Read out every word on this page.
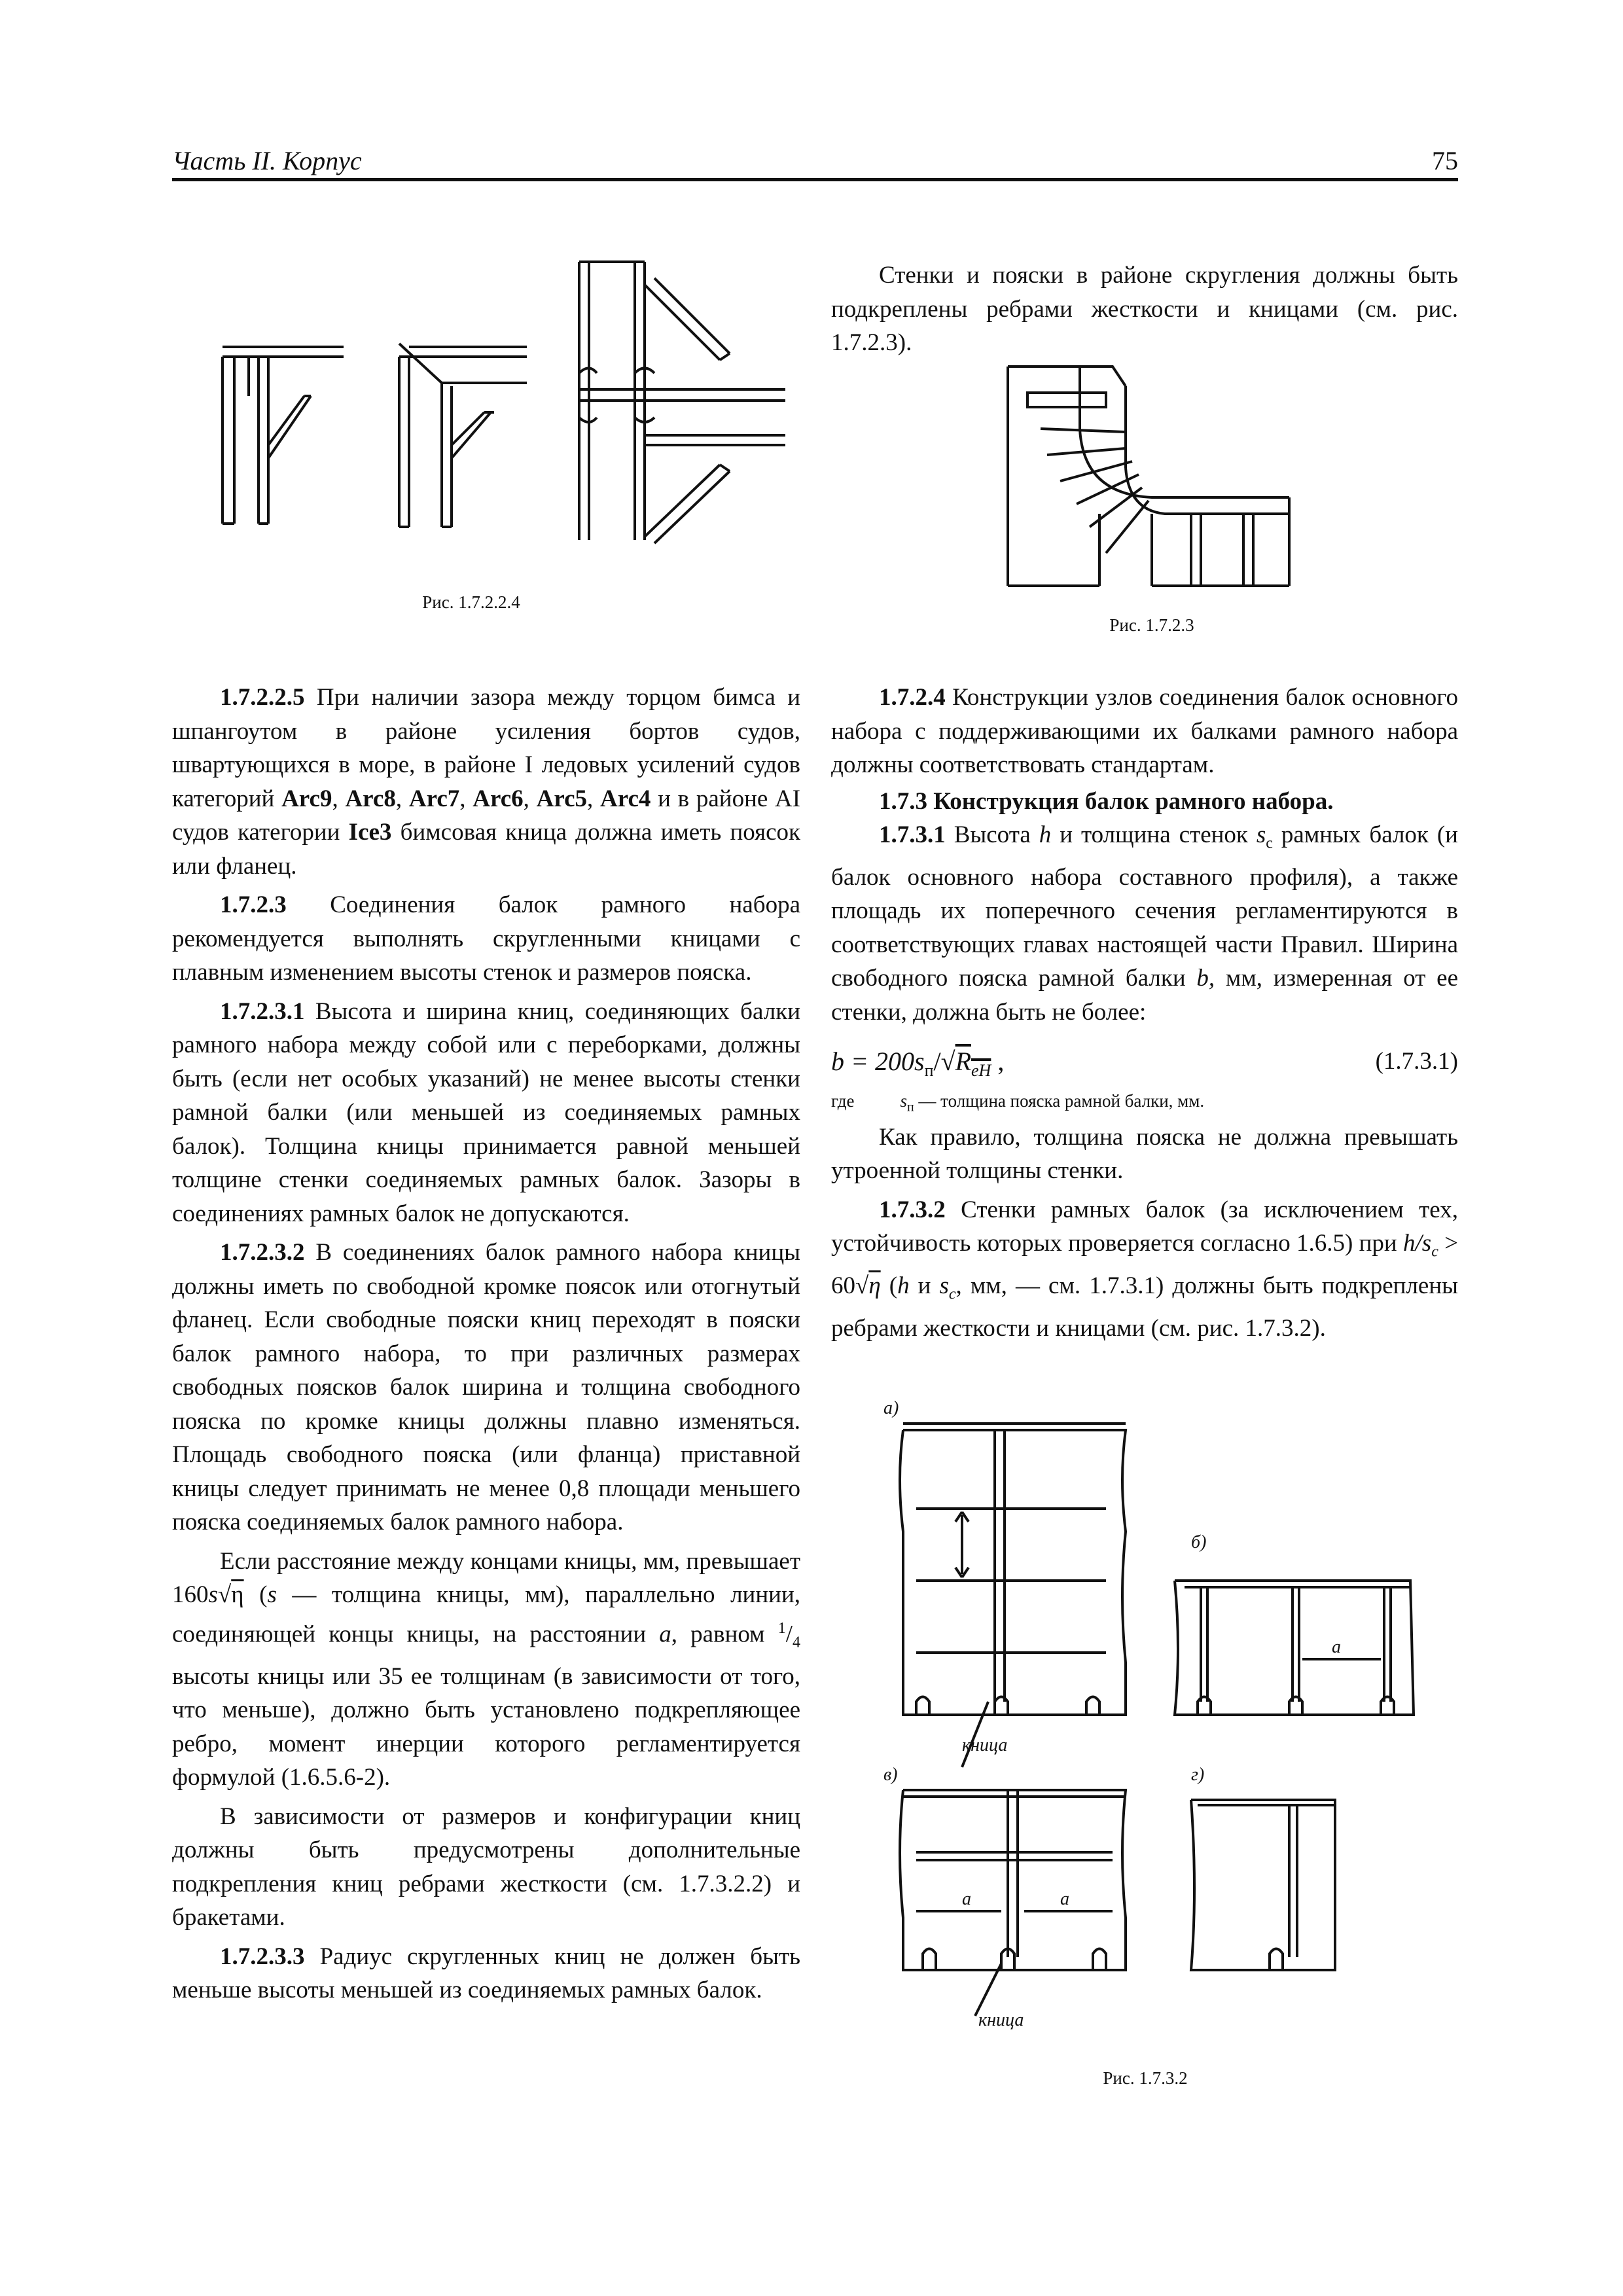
Часть II. Корпус	75
Рис. 1.7.2.2.4
Рис. 1.7.2.3

1.7.2.2.5 При наличии зазора между торцом бимса и шпангоутом в районе усиления бортов судов, швартующихся в море, в районе I ледовых усилений судов категорий Arc9, Arc8, Arc7, Arc6, Arc5, Arc4 и в районе AI судов категории Ice3 бимсовая кница должна иметь поясок или фланец.

1.7.2.3 Соединения балок рамного набора рекомендуется выполнять скругленными кницами с плавным изменением высоты стенок и размеров пояска.

1.7.2.3.1 Высота и ширина книц, соединяющих балки рамного набора между собой или с переборками, должны быть (если нет особых указаний) не менее высоты стенки рамной балки (или меньшей из соединяемых рамных балок). Толщина кницы принимается равной меньшей толщине стенки соединяемых рамных балок. Зазоры в соединениях рамных балок не допускаются.

1.7.2.3.2 В соединениях балок рамного набора кницы должны иметь по свободной кромке поясок или отогнутый фланец. Если свободные пояски книц переходят в пояски балок рамного набора, то при различных размерах свободных поясков балок ширина и толщина свободного пояска по кромке кницы должны плавно изменяться. Площадь свободного пояска (или фланца) приставной кницы следует принимать не менее 0,8 площади меньшего пояска соединяемых балок рамного набора.

Если расстояние между концами кницы, мм, превышает 160s√η (s — толщина кницы, мм), параллельно линии, соединяющей концы кницы, на расстоянии a, равном $^1/_4$ высоты кницы или 35 ее толщинам (в зависимости от того, что меньше), должно быть установлено подкрепляющее ребро, момент инерции которого регламентируется формулой (1.6.5.6-2).

В зависимости от размеров и конфигурации книц должны быть предусмотрены дополнительные подкрепления книц ребрами жесткости (см. 1.7.3.2.2) и бракетами.

1.7.2.3.3 Радиус скругленных книц не должен быть меньше высоты меньшей из соединяемых рамных балок.

Стенки и пояски в районе скругления должны быть подкреплены ребрами жесткости и кницами (см. рис. 1.7.2.3).

1.7.2.4 Конструкции узлов соединения балок основного набора с поддерживающими их балками рамного набора должны соответствовать стандартам.

1.7.3 Конструкция балок рамного набора.

1.7.3.1 Высота h и толщина стенок $s_c$ рамных балок (и балок основного набора составного профиля), а также площадь их поперечного сечения регламентируются в соответствующих главах настоящей части Правил. Ширина свободного пояска рамной балки b, мм, измеренная от ее стенки, должна быть не более:

$b = 200s_п/√R_{eH}$ ,	(1.7.3.1)

где	$s_п$ — толщина пояска рамной балки, мм.

Как правило, толщина пояска не должна превышать утроенной толщины стенки.

1.7.3.2 Стенки рамных балок (за исключением тех, устойчивость которых проверяется согласно 1.6.5) при $h/s_c > 60√\eta$ (h и $s_c$, мм, — см. 1.7.3.1) должны быть подкреплены ребрами жесткости и кницами (см. рис. 1.7.3.2).

а)
кница
б)
a
в)
a	a
кница
г)
Рис. 1.7.3.2
